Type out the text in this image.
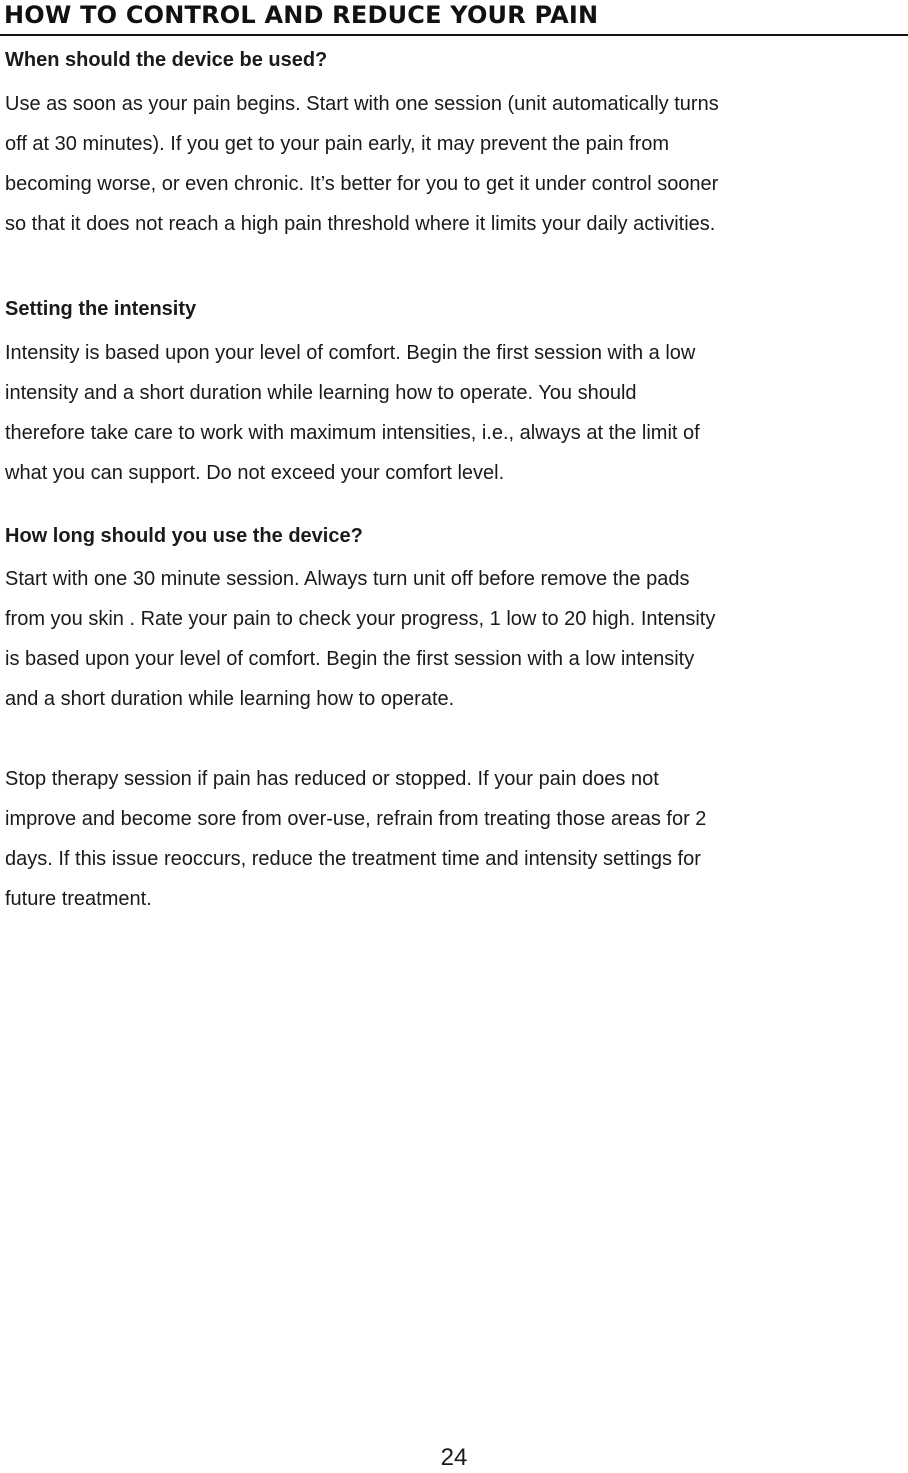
HOW TO CONTROL AND REDUCE YOUR PAIN
When should the device be used?
Use as soon as your pain begins. Start with one session (unit automatically turns
off at 30 minutes). If you get to your pain early, it may prevent the pain from
becoming worse, or even chronic. It’s better for you to get it under control sooner
so that it does not reach a high pain threshold where it limits your daily activities.
Setting the intensity
Intensity is based upon your level of comfort. Begin the first session with a low
intensity and a short duration while learning how to operate. You should
therefore take care to work with maximum intensities, i.e., always at the limit of
what you can support. Do not exceed your comfort level.
How long should you use the device?
Start with one 30 minute session. Always turn unit off before remove the pads
from you skin . Rate your pain to check your progress, 1 low to 20 high. Intensity
is based upon your level of comfort. Begin the first session with a low intensity
and a short duration while learning how to operate.
Stop therapy session if pain has reduced or stopped. If your pain does not
improve and become sore from over-use, refrain from treating those areas for 2
days. If this issue reoccurs, reduce the treatment time and intensity settings for
future treatment.
24
